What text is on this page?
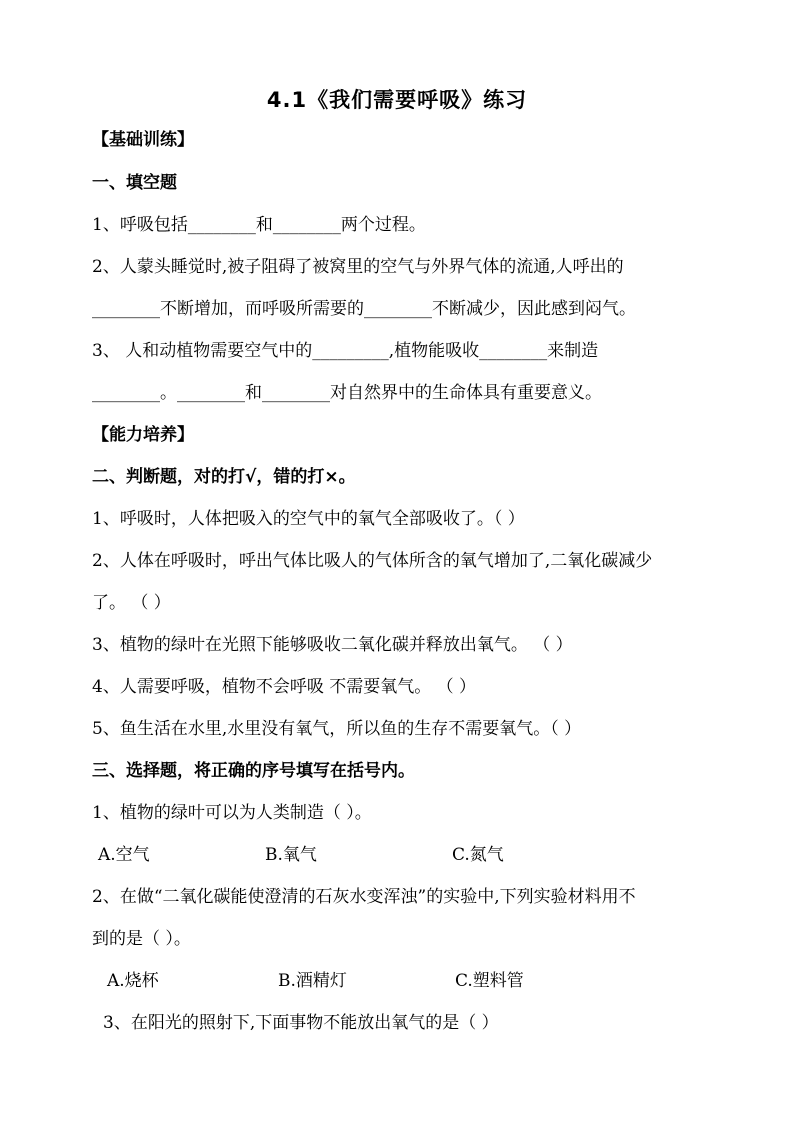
4.1《我们需要呼吸》练习
【基础训练】
一、填空题
1、呼吸包括________和________两个过程。
2、人蒙头睡觉时,被子阻碍了被窝里的空气与外界气体的流通,人呼出的
________不断增加，而呼吸所需要的________不断减少，因此感到闷气。
3、 人和动植物需要空气中的_________,植物能吸收________来制造
________。________和________对自然界中的生命体具有重要意义。
【能力培养】
二、判断题，对的打√，错的打×。
1、呼吸时，人体把吸入的空气中的氧气全部吸收了。（ ）
2、人体在呼吸时，呼出气体比吸人的气体所含的氧气增加了,二氧化碳减少
了。 （ ）
3、植物的绿叶在光照下能够吸收二氧化碳并释放出氧气。 （ ）
4、人需要呼吸，植物不会呼吸 不需要氧气。 （ ）
5、鱼生活在水里,水里没有氧气，所以鱼的生存不需要氧气。（ ）
三、选择题，将正确的序号填写在括号内。
1、植物的绿叶可以为人类制造（ ）。
A.空气	B.氧气	C.氮气
2、在做“二氧化碳能使澄清的石灰水变浑浊”的实验中,下列实验材料用不
到的是（ ）。
A.烧杯	B.酒精灯	C.塑料管
3、在阳光的照射下,下面事物不能放出氧气的是（ ）
